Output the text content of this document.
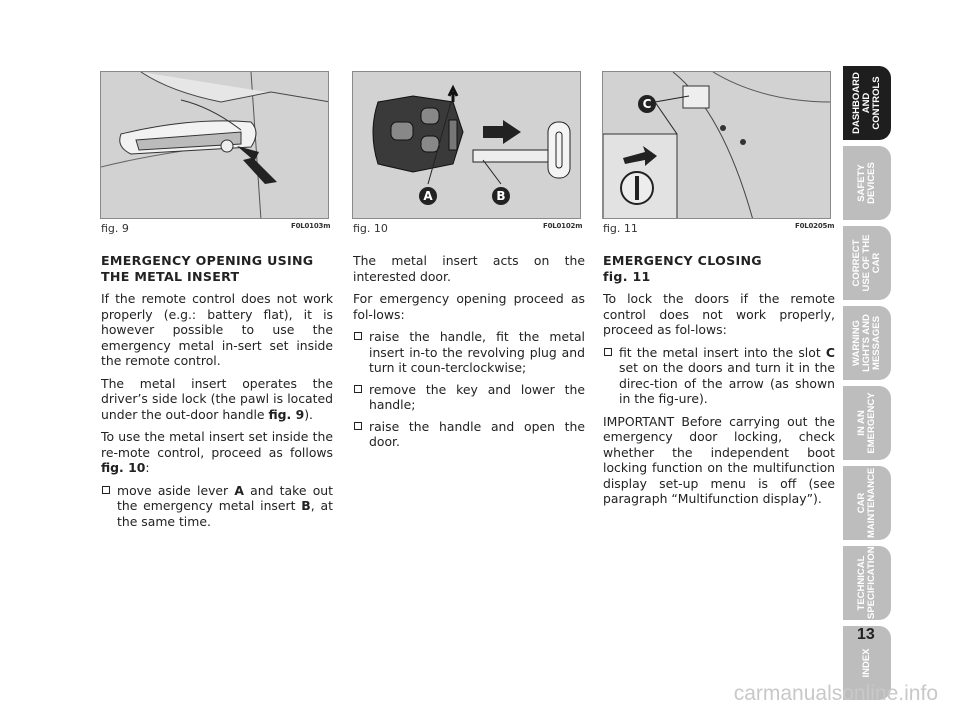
fig. 9	F0L0103m
A	B
fig. 10	F0L0102m
C
fig. 11	F0L0205m
EMERGENCY OPENING USING THE METAL INSERT

If the remote control does not work properly (e.g.: battery flat), it is however possible to use the emergency metal in-sert set inside the remote control.

The metal insert operates the driver’s side lock (the pawl is located under the out-door handle fig. 9).

To use the metal insert set inside the re-mote control, proceed as follows fig. 10:

move aside lever A and take out the emergency metal insert B, at the same time.

The metal insert acts on the interested door.

For emergency opening proceed as fol-lows:

raise the handle, fit the metal insert in-to the revolving plug and turn it coun-terclockwise;
remove the key and lower the handle;
raise the handle and open the door.
EMERGENCY CLOSING
fig. 11

To lock the doors if the remote control does not work properly, proceed as fol-lows:

fit the metal insert into the slot C set on the doors and turn it in the direc-tion of the arrow (as shown in the fig-ure).

IMPORTANT Before carrying out the emergency door locking, check whether the independent boot locking function on the multifunction display set-up menu is off (see paragraph “Multifunction display”).

DASHBOARD AND CONTROLS
SAFETY DEVICES
CORRECT USE OF THE CAR
WARNING LIGHTS AND MESSAGES
IN AN EMERGENCY
CAR MAINTENANCE
TECHNICAL SPECIFICATIONS
INDEX
13
carmanualsonline.info
